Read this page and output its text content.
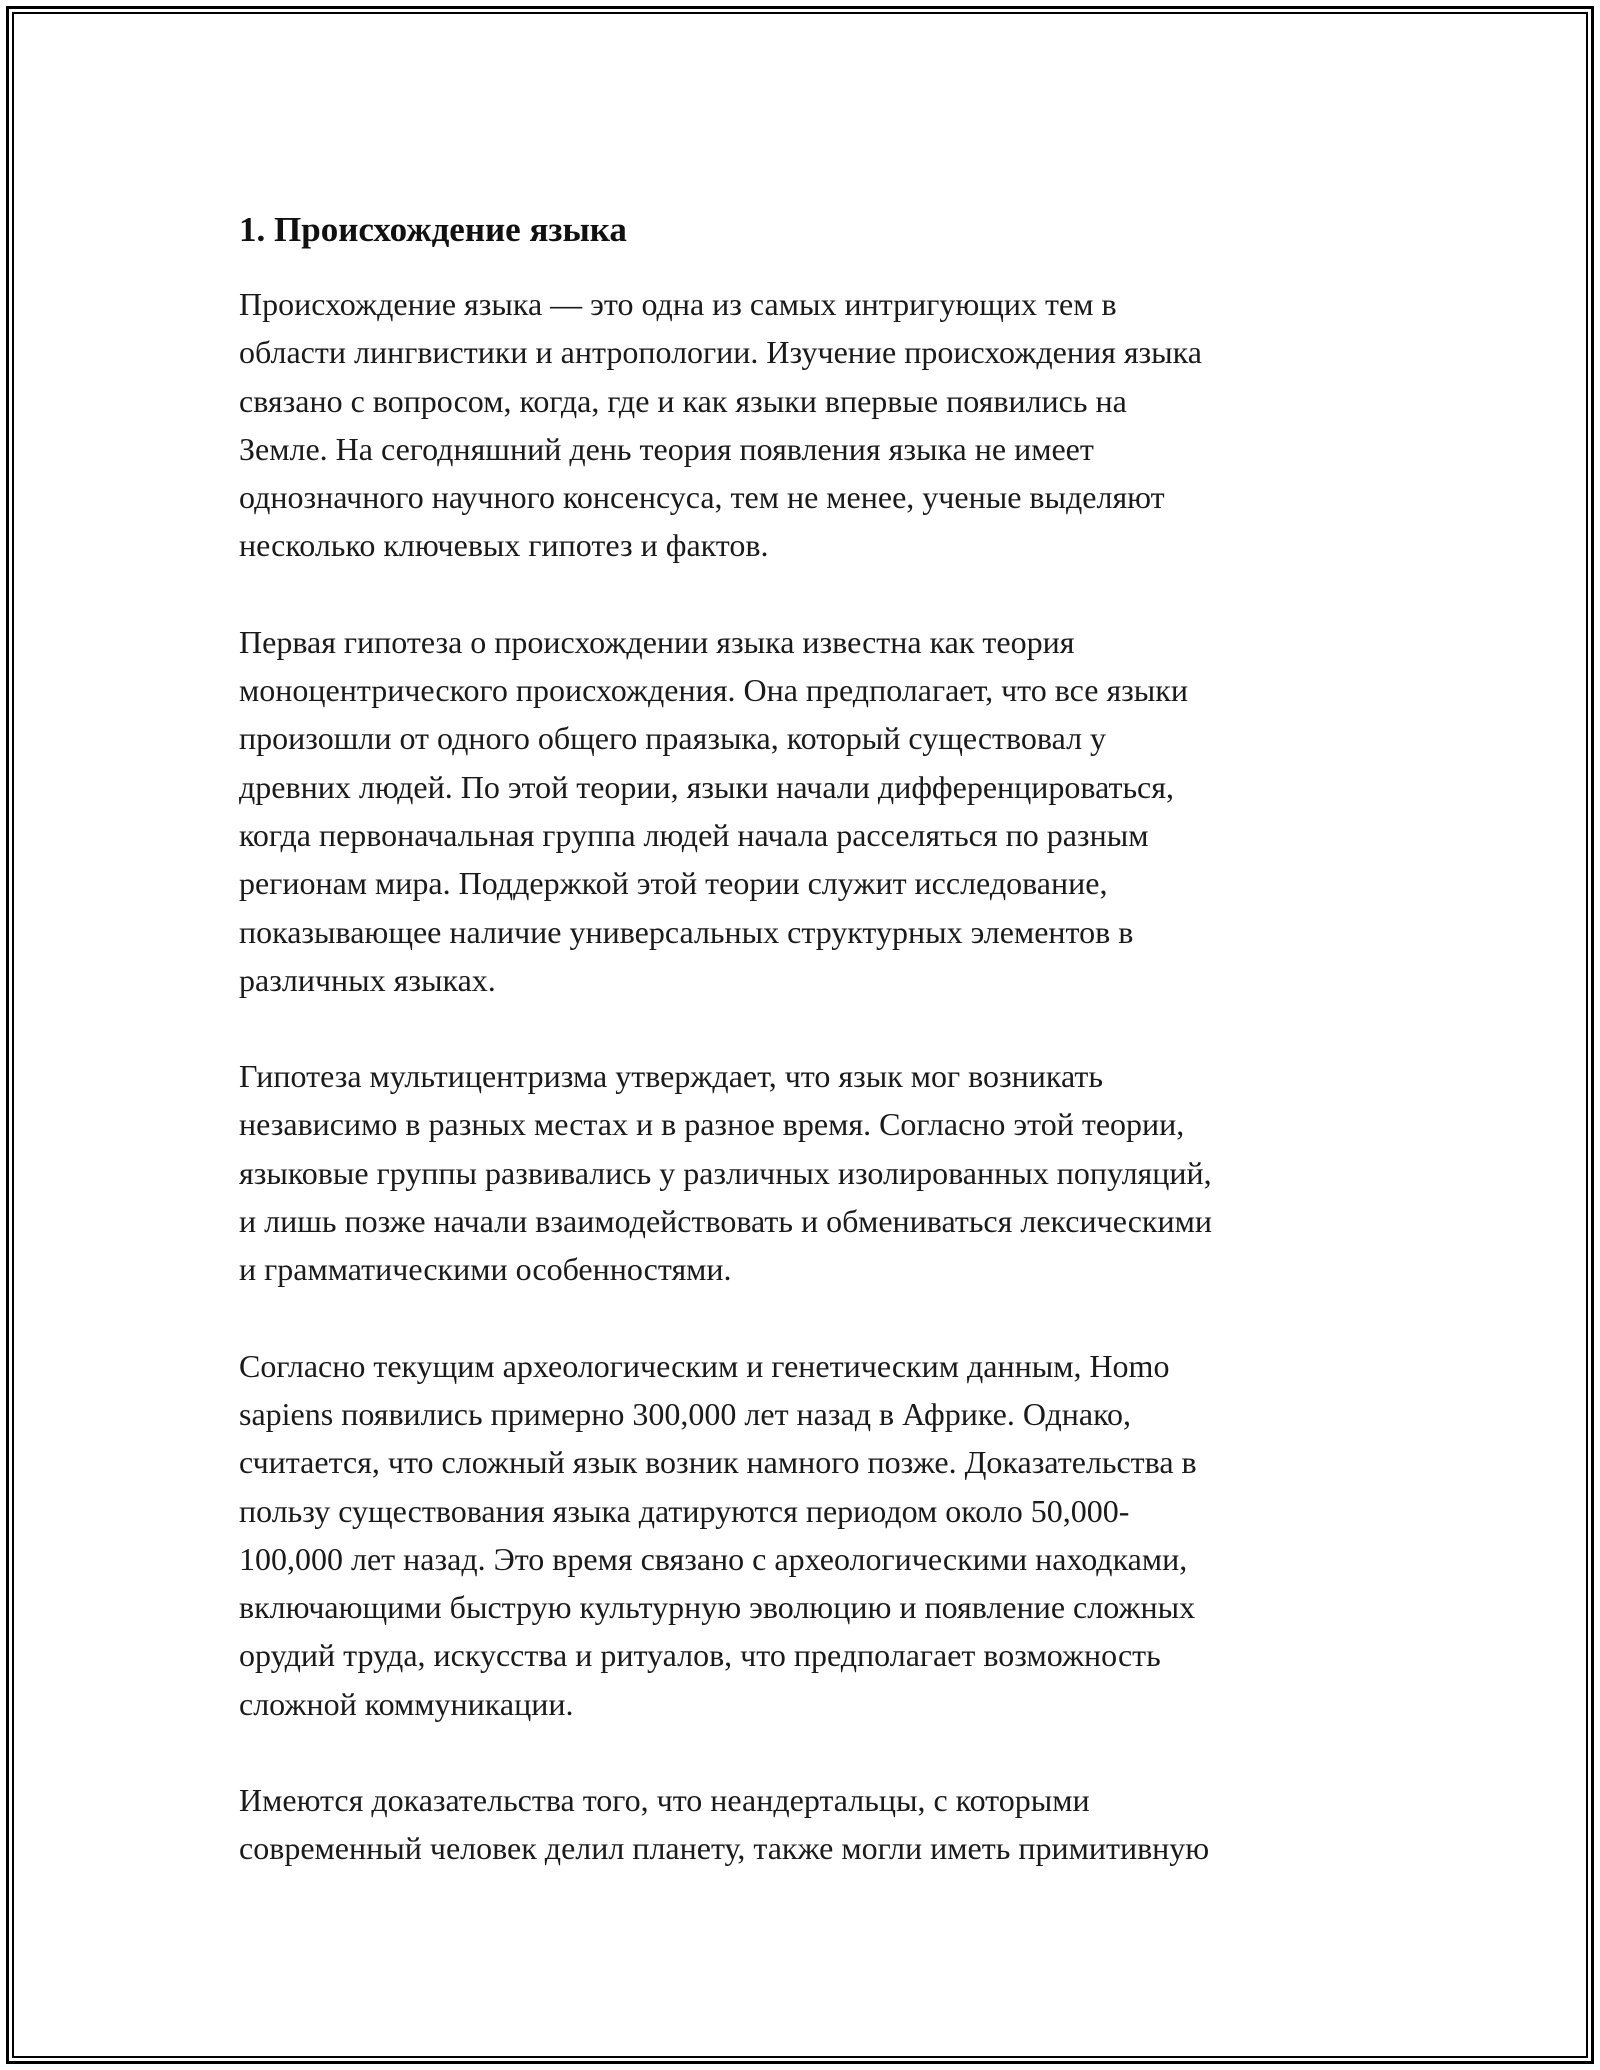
1. Происхождение языка

Происхождение языка — это одна из самых интригующих тем в
области лингвистики и антропологии. Изучение происхождения языка
связано с вопросом, когда, где и как языки впервые появились на
Земле. На сегодняшний день теория появления языка не имеет
однозначного научного консенсуса, тем не менее, ученые выделяют
несколько ключевых гипотез и фактов.

Первая гипотеза о происхождении языка известна как теория
моноцентрического происхождения. Она предполагает, что все языки
произошли от одного общего праязыка, который существовал у
древних людей. По этой теории, языки начали дифференцироваться,
когда первоначальная группа людей начала расселяться по разным
регионам мира. Поддержкой этой теории служит исследование,
показывающее наличие универсальных структурных элементов в
различных языках.

Гипотеза мультицентризма утверждает, что язык мог возникать
независимо в разных местах и в разное время. Согласно этой теории,
языковые группы развивались у различных изолированных популяций,
и лишь позже начали взаимодействовать и обмениваться лексическими
и грамматическими особенностями.

Согласно текущим археологическим и генетическим данным, Homo
sapiens появились примерно 300,000 лет назад в Африке. Однако,
считается, что сложный язык возник намного позже. Доказательства в
пользу существования языка датируются периодом около 50,000-
100,000 лет назад. Это время связано с археологическими находками,
включающими быструю культурную эволюцию и появление сложных
орудий труда, искусства и ритуалов, что предполагает возможность
сложной коммуникации.

Имеются доказательства того, что неандертальцы, с которыми
современный человек делил планету, также могли иметь примитивную
